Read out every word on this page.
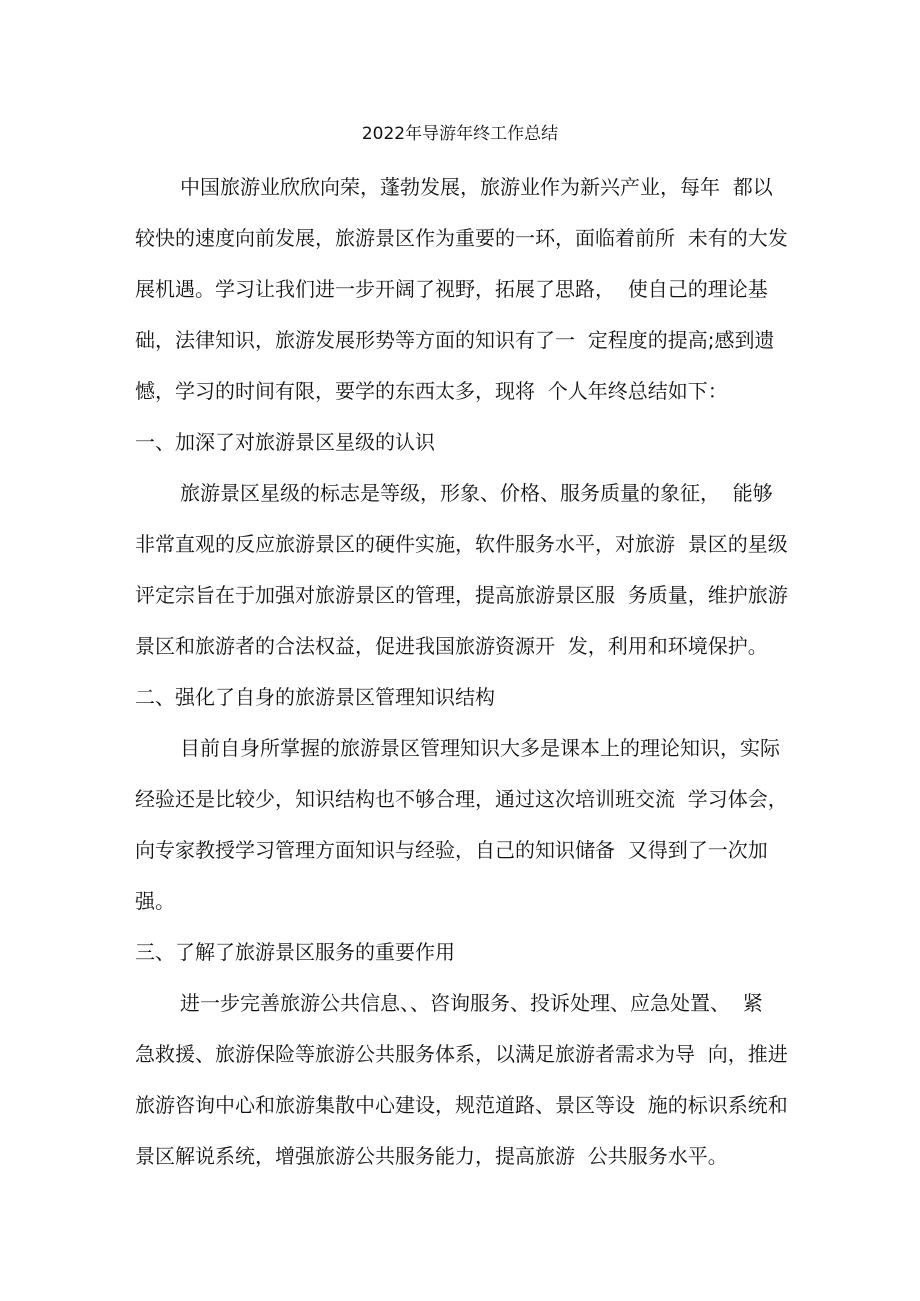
2022年导游年终工作总结
中国旅游业欣欣向荣，蓬勃发展，旅游业作为新兴产业，每年  都以
较快的速度向前发展，旅游景区作为重要的一环，面临着前所  未有的大发
展机遇。学习让我们进一步开阔了视野，拓展了思路，  使自己的理论基
础，法律知识，旅游发展形势等方面的知识有了一  定程度的提高;感到遗
憾，学习的时间有限，要学的东西太多，现将  个人年终总结如下：
一、加深了对旅游景区星级的认识
旅游景区星级的标志是等级，形象、价格、服务质量的象征，  能够
非常直观的反应旅游景区的硬件实施，软件服务水平，对旅游  景区的星级
评定宗旨在于加强对旅游景区的管理，提高旅游景区服  务质量，维护旅游
景区和旅游者的合法权益，促进我国旅游资源开  发，利用和环境保护。
二、强化了自身的旅游景区管理知识结构
目前自身所掌握的旅游景区管理知识大多是课本上的理论知识，实际
经验还是比较少，知识结构也不够合理，通过这次培训班交流  学习体会，
向专家教授学习管理方面知识与经验，自己的知识储备  又得到了一次加
强。
三、了解了旅游景区服务的重要作用
进一步完善旅游公共信息、、咨询服务、投诉处理、应急处置、  紧
急救援、旅游保险等旅游公共服务体系，以满足旅游者需求为导  向，推进
旅游咨询中心和旅游集散中心建设，规范道路、景区等设  施的标识系统和
景区解说系统，增强旅游公共服务能力，提高旅游  公共服务水平。
